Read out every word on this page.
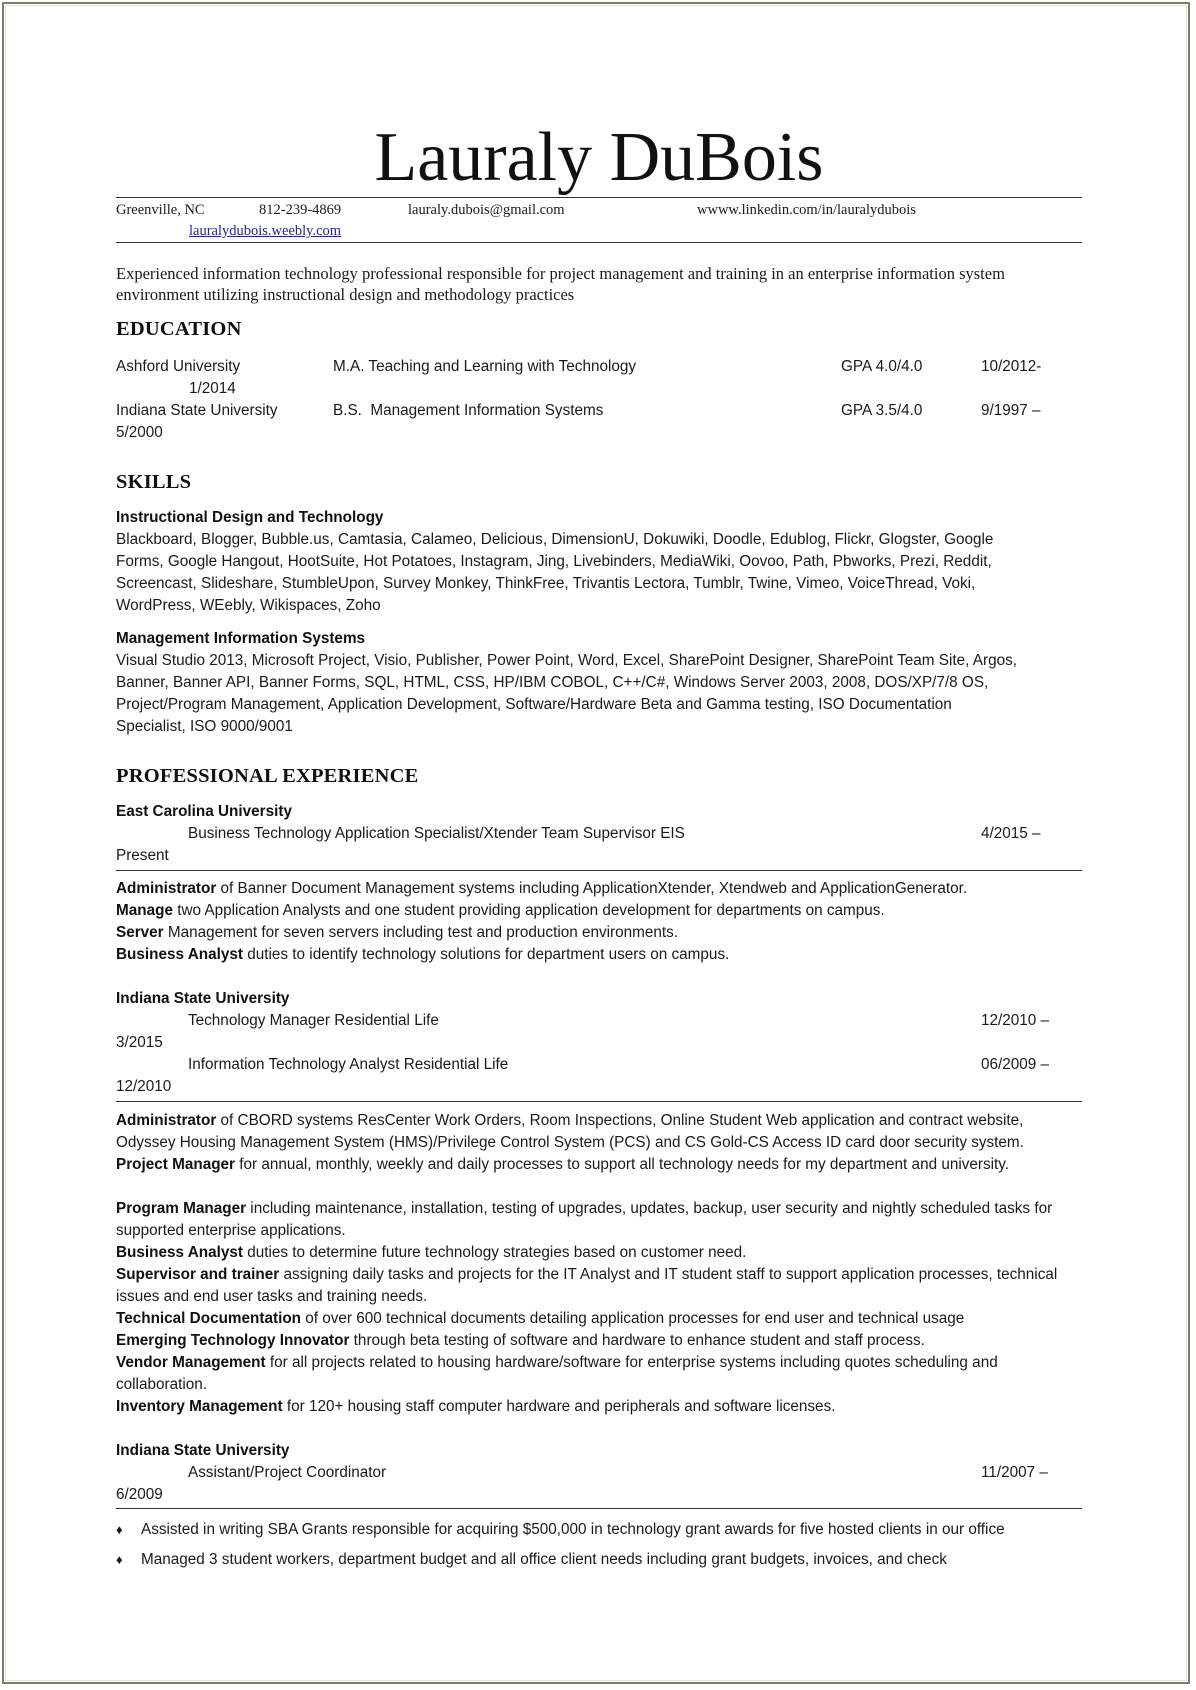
Lauraly DuBois
Greenville, NC	812-239-4869	lauraly.dubois@gmail.com	wwww.linkedin.com/in/lauralydubois
lauralydubois.weebly.com
Experienced information technology professional responsible for project management and training in an enterprise information system environment utilizing instructional design and methodology practices
EDUCATION
Ashford University	M.A. Teaching and Learning with Technology	GPA 4.0/4.0	10/2012-
1/2014
Indiana State University	B.S.  Management Information Systems	GPA 3.5/4.0	9/1997 –
5/2000
SKILLS
Instructional Design and Technology
Blackboard, Blogger, Bubble.us, Camtasia, Calameo, Delicious, DimensionU, Dokuwiki, Doodle, Edublog, Flickr, Glogster, Google
Forms, Google Hangout, HootSuite, Hot Potatoes, Instagram, Jing, Livebinders, MediaWiki, Oovoo, Path, Pbworks, Prezi, Reddit,
Screencast, Slideshare, StumbleUpon, Survey Monkey, ThinkFree, Trivantis Lectora, Tumblr, Twine, Vimeo, VoiceThread, Voki,
WordPress, WEebly, Wikispaces, Zoho
Management Information Systems
Visual Studio 2013, Microsoft Project, Visio, Publisher, Power Point, Word, Excel, SharePoint Designer, SharePoint Team Site, Argos,
Banner, Banner API, Banner Forms, SQL, HTML, CSS, HP/IBM COBOL, C++/C#, Windows Server 2003, 2008, DOS/XP/7/8 OS,
Project/Program Management, Application Development, Software/Hardware Beta and Gamma testing, ISO Documentation
Specialist, ISO 9000/9001
PROFESSIONAL EXPERIENCE
East Carolina University
Business Technology Application Specialist/Xtender Team Supervisor EIS	4/2015 –
Present
Administrator of Banner Document Management systems including ApplicationXtender, Xtendweb and ApplicationGenerator.
Manage two Application Analysts and one student providing application development for departments on campus.
Server Management for seven servers including test and production environments.
Business Analyst duties to identify technology solutions for department users on campus.
Indiana State University
Technology Manager Residential Life	12/2010 –
3/2015
Information Technology Analyst Residential Life	06/2009 –
12/2010
Administrator of CBORD systems ResCenter Work Orders, Room Inspections, Online Student Web application and contract website, Odyssey Housing Management System (HMS)/Privilege Control System (PCS) and CS Gold-CS Access ID card door security system.
Project Manager for annual, monthly, weekly and daily processes to support all technology needs for my department and university.
Program Manager including maintenance, installation, testing of upgrades, updates, backup, user security and nightly scheduled tasks for supported enterprise applications.
Business Analyst duties to determine future technology strategies based on customer need.
Supervisor and trainer assigning daily tasks and projects for the IT Analyst and IT student staff to support application processes, technical issues and end user tasks and training needs.
Technical Documentation of over 600 technical documents detailing application processes for end user and technical usage
Emerging Technology Innovator through beta testing of software and hardware to enhance student and staff process.
Vendor Management for all projects related to housing hardware/software for enterprise systems including quotes scheduling and collaboration.
Inventory Management for 120+ housing staff computer hardware and peripherals and software licenses.
Indiana State University
Assistant/Project Coordinator	11/2007 –
6/2009
♦ Assisted in writing SBA Grants responsible for acquiring $500,000 in technology grant awards for five hosted clients in our office
♦ Managed 3 student workers, department budget and all office client needs including grant budgets, invoices, and check
